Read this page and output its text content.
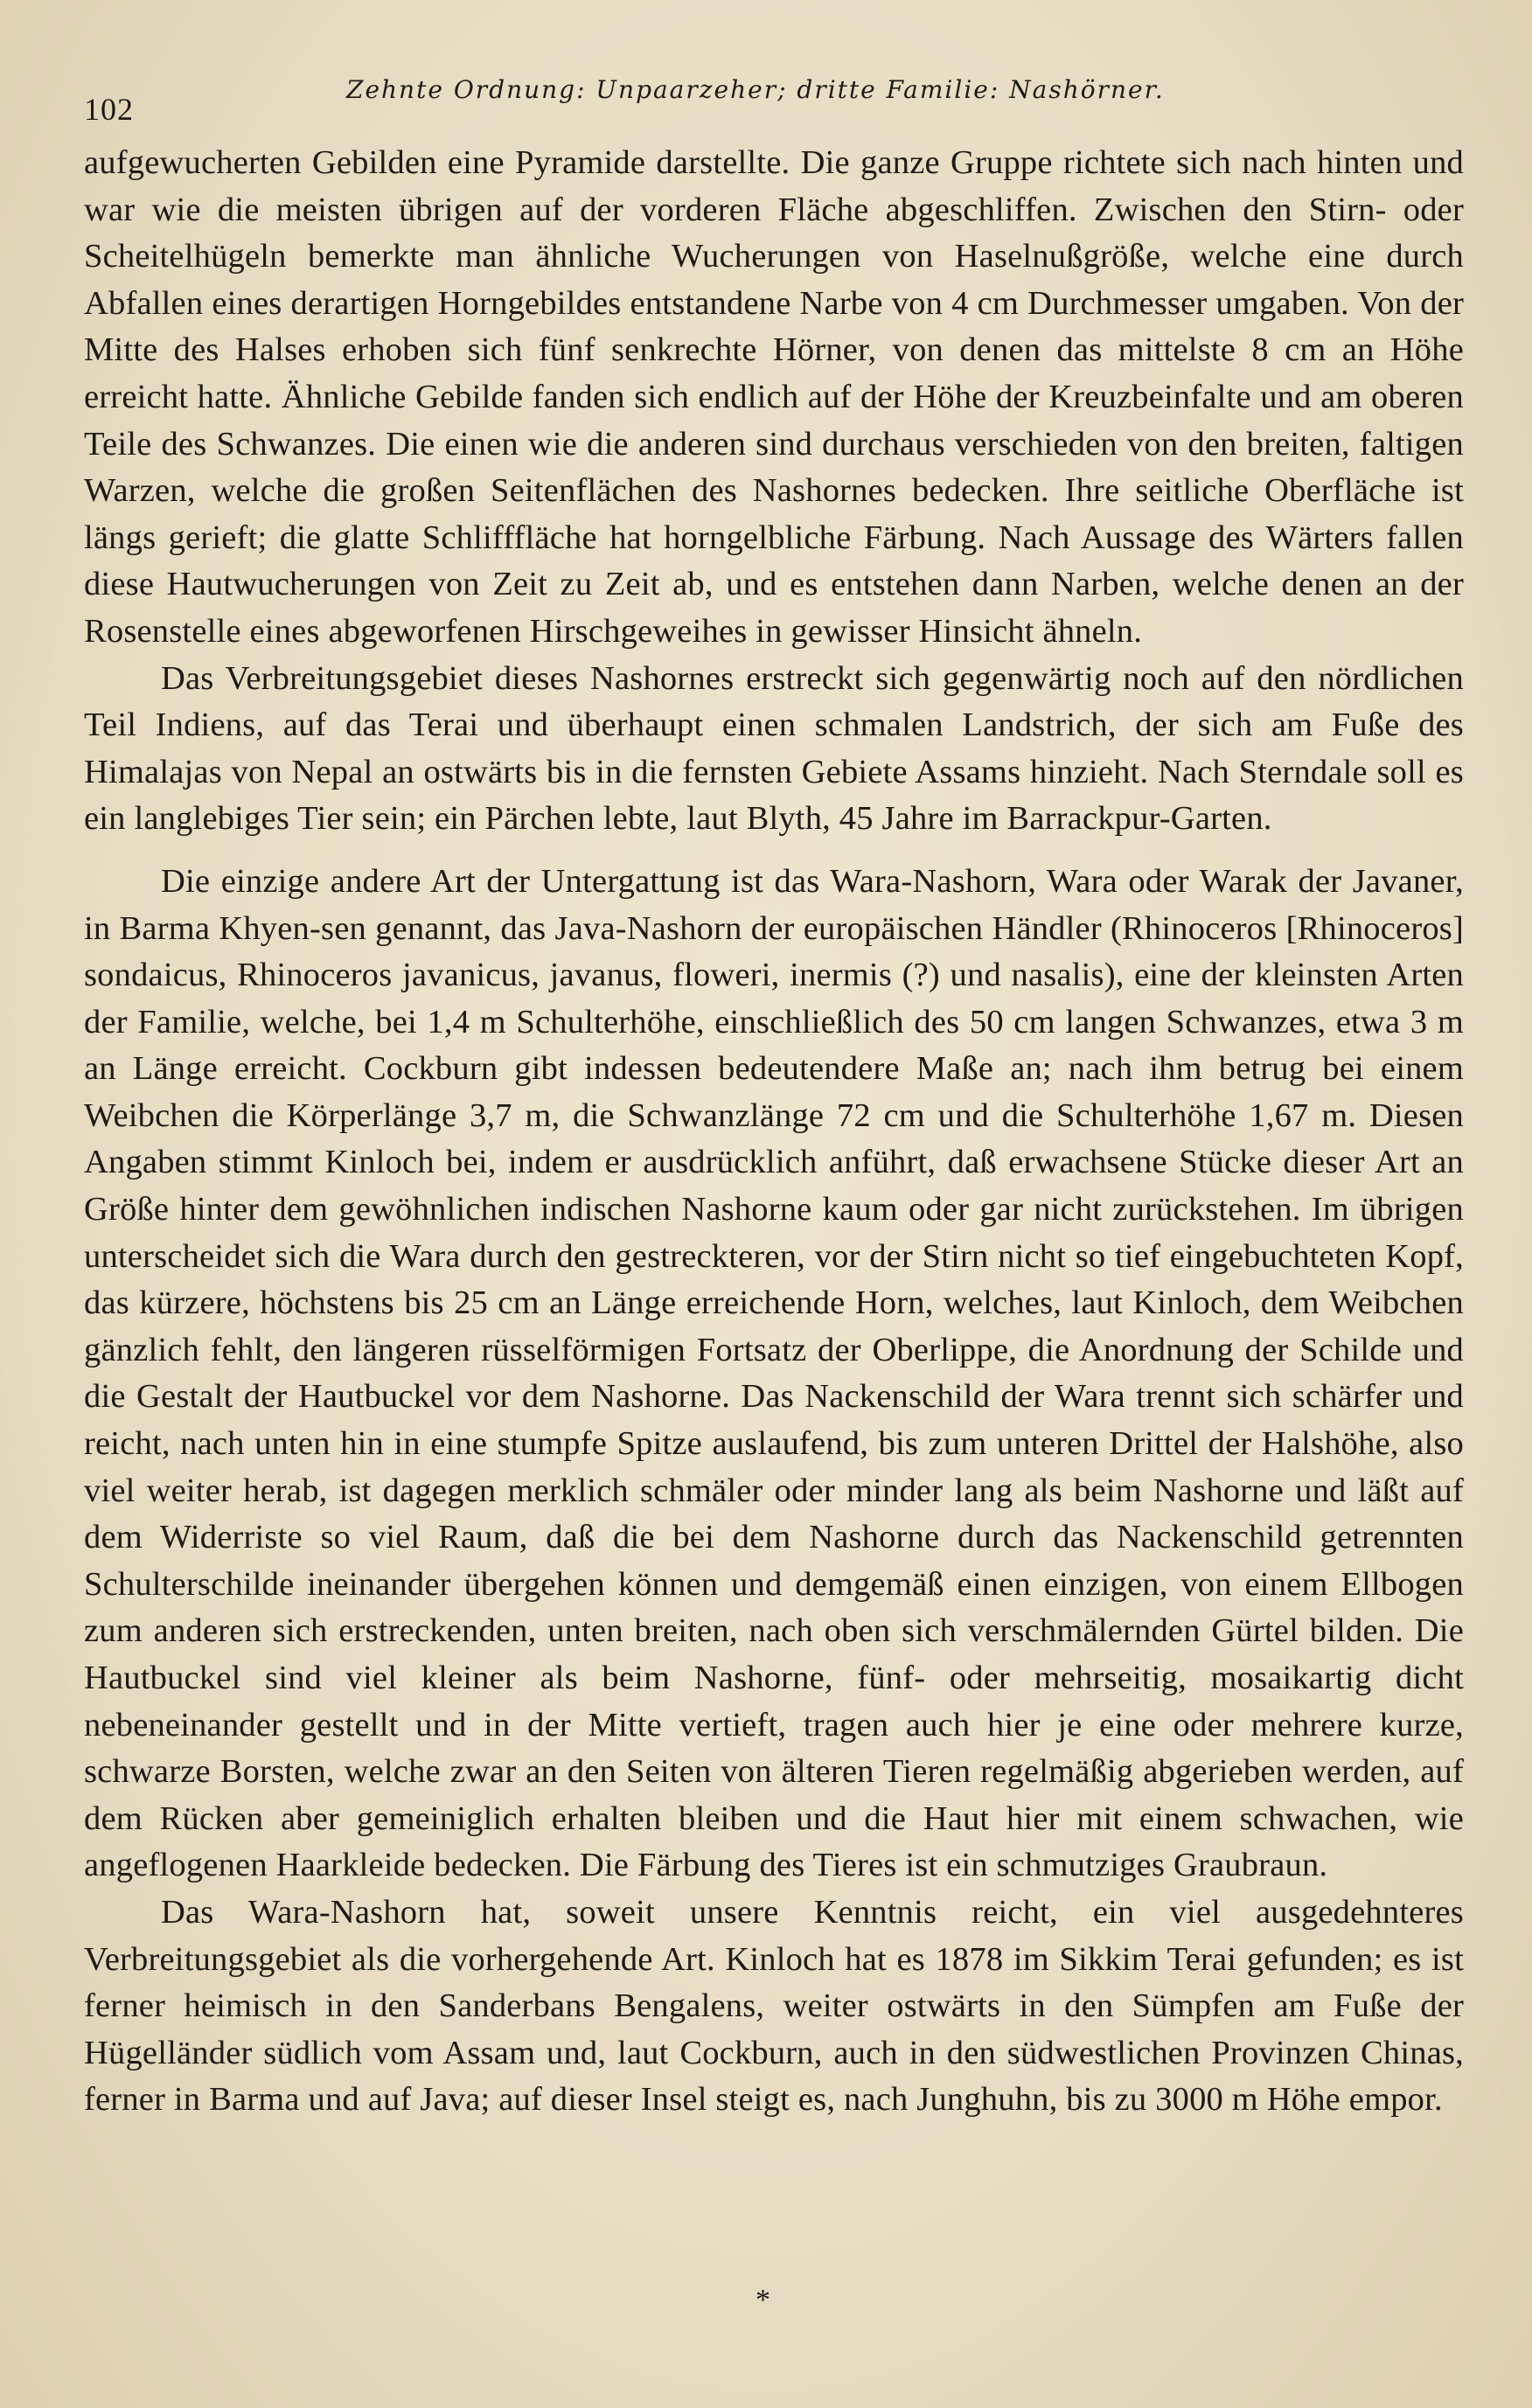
102
Zehnte Ordnung: Unpaarzeher; dritte Familie: Nashörner.

aufgewucherten Gebilden eine Pyramide darstellte. Die ganze Gruppe richtete sich nach hinten und war wie die meisten übrigen auf der vorderen Fläche abgeschliffen. Zwischen den Stirn- oder Scheitelhügeln bemerkte man ähnliche Wucherungen von Haselnußgröße, welche eine durch Abfallen eines derartigen Horngebildes entstandene Narbe von 4 cm Durchmesser umgaben. Von der Mitte des Halses erhoben sich fünf senkrechte Hörner, von denen das mittelste 8 cm an Höhe erreicht hatte. Ähnliche Gebilde fanden sich endlich auf der Höhe der Kreuzbeinfalte und am oberen Teile des Schwanzes. Die einen wie die anderen sind durchaus verschieden von den breiten, faltigen Warzen, welche die großen Seitenflächen des Nashornes bedecken. Ihre seitliche Oberfläche ist längs gerieft; die glatte Schlifffläche hat horngelbliche Färbung. Nach Aussage des Wärters fallen diese Hautwucherungen von Zeit zu Zeit ab, und es entstehen dann Narben, welche denen an der Rosenstelle eines abgeworfenen Hirschgeweihes in gewisser Hinsicht ähneln.

Das Verbreitungsgebiet dieses Nashornes erstreckt sich gegenwärtig noch auf den nördlichen Teil Indiens, auf das Terai und überhaupt einen schmalen Landstrich, der sich am Fuße des Himalajas von Nepal an ostwärts bis in die fernsten Gebiete Assams hinzieht. Nach Sterndale soll es ein langlebiges Tier sein; ein Pärchen lebte, laut Blyth, 45 Jahre im Barrackpur-Garten.

Die einzige andere Art der Untergattung ist das Wara-Nashorn, Wara oder Warak der Javaner, in Barma Khyen-sen genannt, das Java-Nashorn der europäischen Händler (Rhinoceros [Rhinoceros] sondaicus, Rhinoceros javanicus, javanus, floweri, inermis (?) und nasalis), eine der kleinsten Arten der Familie, welche, bei 1,4 m Schulterhöhe, einschließlich des 50 cm langen Schwanzes, etwa 3 m an Länge erreicht. Cockburn gibt indessen bedeutendere Maße an; nach ihm betrug bei einem Weibchen die Körperlänge 3,7 m, die Schwanzlänge 72 cm und die Schulterhöhe 1,67 m. Diesen Angaben stimmt Kinloch bei, indem er ausdrücklich anführt, daß erwachsene Stücke dieser Art an Größe hinter dem gewöhnlichen indischen Nashorne kaum oder gar nicht zurückstehen. Im übrigen unterscheidet sich die Wara durch den gestreckteren, vor der Stirn nicht so tief eingebuchteten Kopf, das kürzere, höchstens bis 25 cm an Länge erreichende Horn, welches, laut Kinloch, dem Weibchen gänzlich fehlt, den längeren rüsselförmigen Fortsatz der Oberlippe, die Anordnung der Schilde und die Gestalt der Hautbuckel vor dem Nashorne. Das Nackenschild der Wara trennt sich schärfer und reicht, nach unten hin in eine stumpfe Spitze auslaufend, bis zum unteren Drittel der Halshöhe, also viel weiter herab, ist dagegen merklich schmäler oder minder lang als beim Nashorne und läßt auf dem Widerriste so viel Raum, daß die bei dem Nashorne durch das Nackenschild getrennten Schulterschilde ineinander übergehen können und demgemäß einen einzigen, von einem Ellbogen zum anderen sich erstreckenden, unten breiten, nach oben sich verschmälernden Gürtel bilden. Die Hautbuckel sind viel kleiner als beim Nashorne, fünf- oder mehrseitig, mosaikartig dicht nebeneinander gestellt und in der Mitte vertieft, tragen auch hier je eine oder mehrere kurze, schwarze Borsten, welche zwar an den Seiten von älteren Tieren regelmäßig abgerieben werden, auf dem Rücken aber gemeiniglich erhalten bleiben und die Haut hier mit einem schwachen, wie angeflogenen Haarkleide bedecken. Die Färbung des Tieres ist ein schmutziges Graubraun.

Das Wara-Nashorn hat, soweit unsere Kenntnis reicht, ein viel ausgedehnteres Verbreitungsgebiet als die vorhergehende Art. Kinloch hat es 1878 im Sikkim Terai gefunden; es ist ferner heimisch in den Sanderbans Bengalens, weiter ostwärts in den Sümpfen am Fuße der Hügelländer südlich vom Assam und, laut Cockburn, auch in den südwestlichen Provinzen Chinas, ferner in Barma und auf Java; auf dieser Insel steigt es, nach Junghuhn, bis zu 3000 m Höhe empor.

*
